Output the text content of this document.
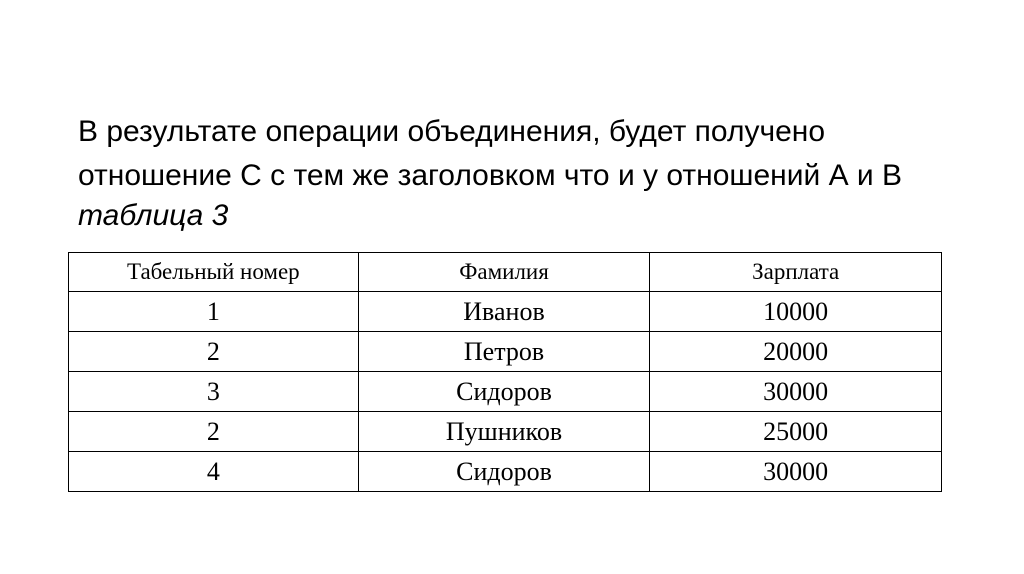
В результате операции объединения, будет получено
отношение С с тем же заголовком что и у отношений А и В
таблица 3
Табельный номер	Фамилия	Зарплата
1	Иванов	10000
2	Петров	20000
3	Сидоров	30000
2	Пушников	25000
4	Сидоров	30000
